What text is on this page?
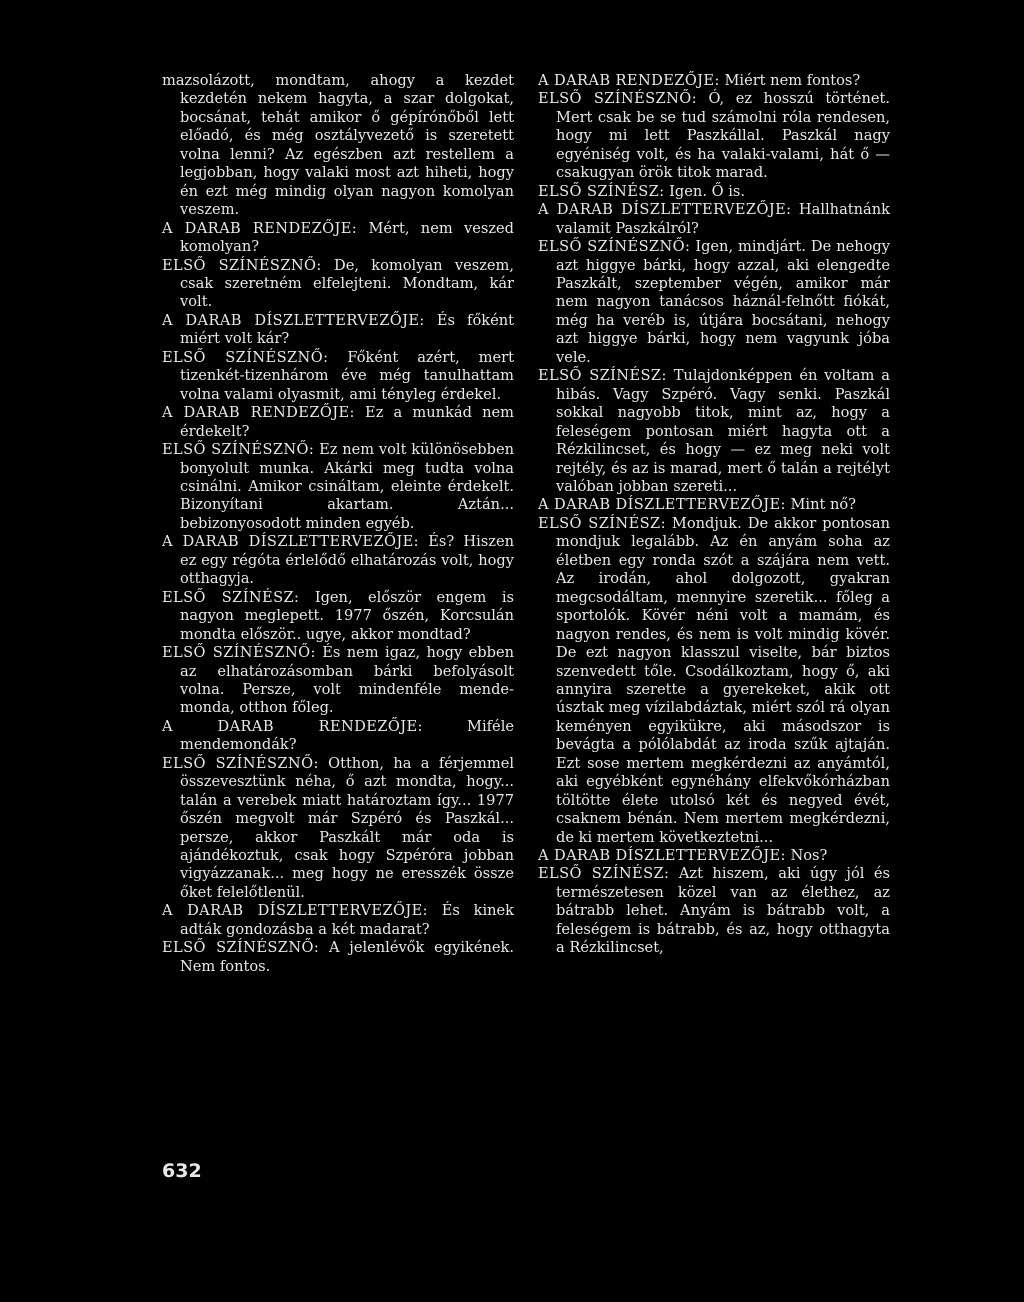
mazsolázott, mondtam, ahogy a kezdet kezdetén nekem hagyta, a szar dolgokat, bocsánat, tehát amikor ő gépírónőből lett előadó, és még osztályvezető is szeretett volna lenni? Az egészben azt restellem a legjobban, hogy valaki most azt hiheti, hogy én ezt még mindig olyan nagyon komolyan veszem.

A DARAB RENDEZŐJE: Mért, nem veszed komolyan?

ELSŐ SZÍNÉSZNŐ: De, komolyan veszem, csak szeretném elfelejteni. Mondtam, kár volt.

A DARAB DÍSZLETTERVEZŐJE: És főként miért volt kár?

ELSŐ SZÍNÉSZNŐ: Főként azért, mert tizenkét-tizenhárom éve még tanulhattam volna valami olyasmit, ami tényleg érdekel.

A DARAB RENDEZŐJE: Ez a munkád nem érdekelt?

ELSŐ SZÍNÉSZNŐ: Ez nem volt különösebben bonyolult munka. Akárki meg tudta volna csinálni. Amikor csináltam, eleinte érdekelt. Bizonyítani akartam. Aztán... bebizonyosodott minden egyéb.

A DARAB DÍSZLETTERVEZŐJE: És? Hiszen ez egy régóta érlelődő elhatározás volt, hogy otthagyja.

ELSŐ SZÍNÉSZ: Igen, először engem is nagyon meglepett. 1977 őszén, Korcsulán mondta először.. ugye, akkor mondtad?

ELSŐ SZÍNÉSZNŐ: És nem igaz, hogy ebben az elhatározásomban bárki befolyásolt volna. Persze, volt mindenféle mende-monda, otthon főleg.

A DARAB RENDEZŐJE:	Miféle mendemondák?

ELSŐ SZÍNÉSZNŐ: Otthon, ha a férjemmel összevesztünk néha, ő azt mondta, hogy... talán a verebek miatt határoztam így... 1977 őszén megvolt már Szpéró és Paszkál... persze, akkor Paszkált már oda is ajándékoztuk, csak hogy Szpéróra jobban vigyázzanak... meg hogy ne eresszék össze őket felelőtlenül.

A DARAB DÍSZLETTERVEZŐJE: És kinek adták gondozásba a két madarat?

ELSŐ SZÍNÉSZNŐ: A jelenlévők egyikének. Nem fontos.

A DARAB RENDEZŐJE: Miért nem fontos?

ELSŐ SZÍNÉSZNŐ: Ó, ez hosszú történet. Mert csak be se tud számolni róla rendesen, hogy mi lett Paszkállal. Paszkál nagy egyéniség volt, és ha valaki-valami, hát ő — csakugyan örök titok marad.

ELSŐ SZÍNÉSZ: Igen. Ő is.

A DARAB DÍSZLETTERVEZŐJE: Hallhatnánk valamit Paszkálról?

ELSŐ SZÍNÉSZNŐ: Igen, mindjárt. De nehogy azt higgye bárki, hogy azzal, aki elengedte Paszkált, szeptember végén, amikor már nem nagyon tanácsos háznál-felnőtt fiókát, még ha veréb is, útjára bocsátani, nehogy azt higgye bárki, hogy nem vagyunk jóba vele.

ELSŐ SZÍNÉSZ: Tulajdonképpen én voltam a hibás. Vagy Szpéró. Vagy senki. Paszkál sokkal nagyobb titok, mint az, hogy a feleségem pontosan miért hagyta ott a Rézkilincset, és hogy — ez meg neki volt rejtély, és az is marad, mert ő talán a rejtélyt valóban jobban szereti...

A DARAB DÍSZLETTERVEZŐJE: Mint nő?

ELSŐ SZÍNÉSZ: Mondjuk. De akkor pontosan mondjuk legalább. Az én anyám soha az életben egy ronda szót a szájára nem vett. Az irodán, ahol dolgozott, gyakran megcsodáltam, mennyire szeretik... főleg a sportolók. Kövér néni volt a mamám, és nagyon rendes, és nem is volt mindig kövér. De ezt nagyon klasszul viselte, bár biztos szenvedett tőle. Csodálkoztam, hogy ő, aki annyira szerette a gyerekeket, akik ott úsztak meg vízilabdáztak, miért szól rá olyan keményen egyikükre, aki másodszor is bevágta a pólólabdát az iroda szűk ajtaján. Ezt sose mertem megkérdezni az anyámtól, aki egyébként egynéhány elfekvőkórházban töltötte élete utolsó két és negyed évét, csaknem bénán. Nem mertem megkérdezni, de ki mertem következtetni...

A DARAB DÍSZLETTERVEZŐJE: Nos?

ELSŐ SZÍNÉSZ: Azt hiszem, aki úgy jól és természetesen közel van az élethez, az bátrabb lehet. Anyám is bátrabb volt, a feleségem is bátrabb, és az, hogy otthagyta a Rézkilincset,

632
